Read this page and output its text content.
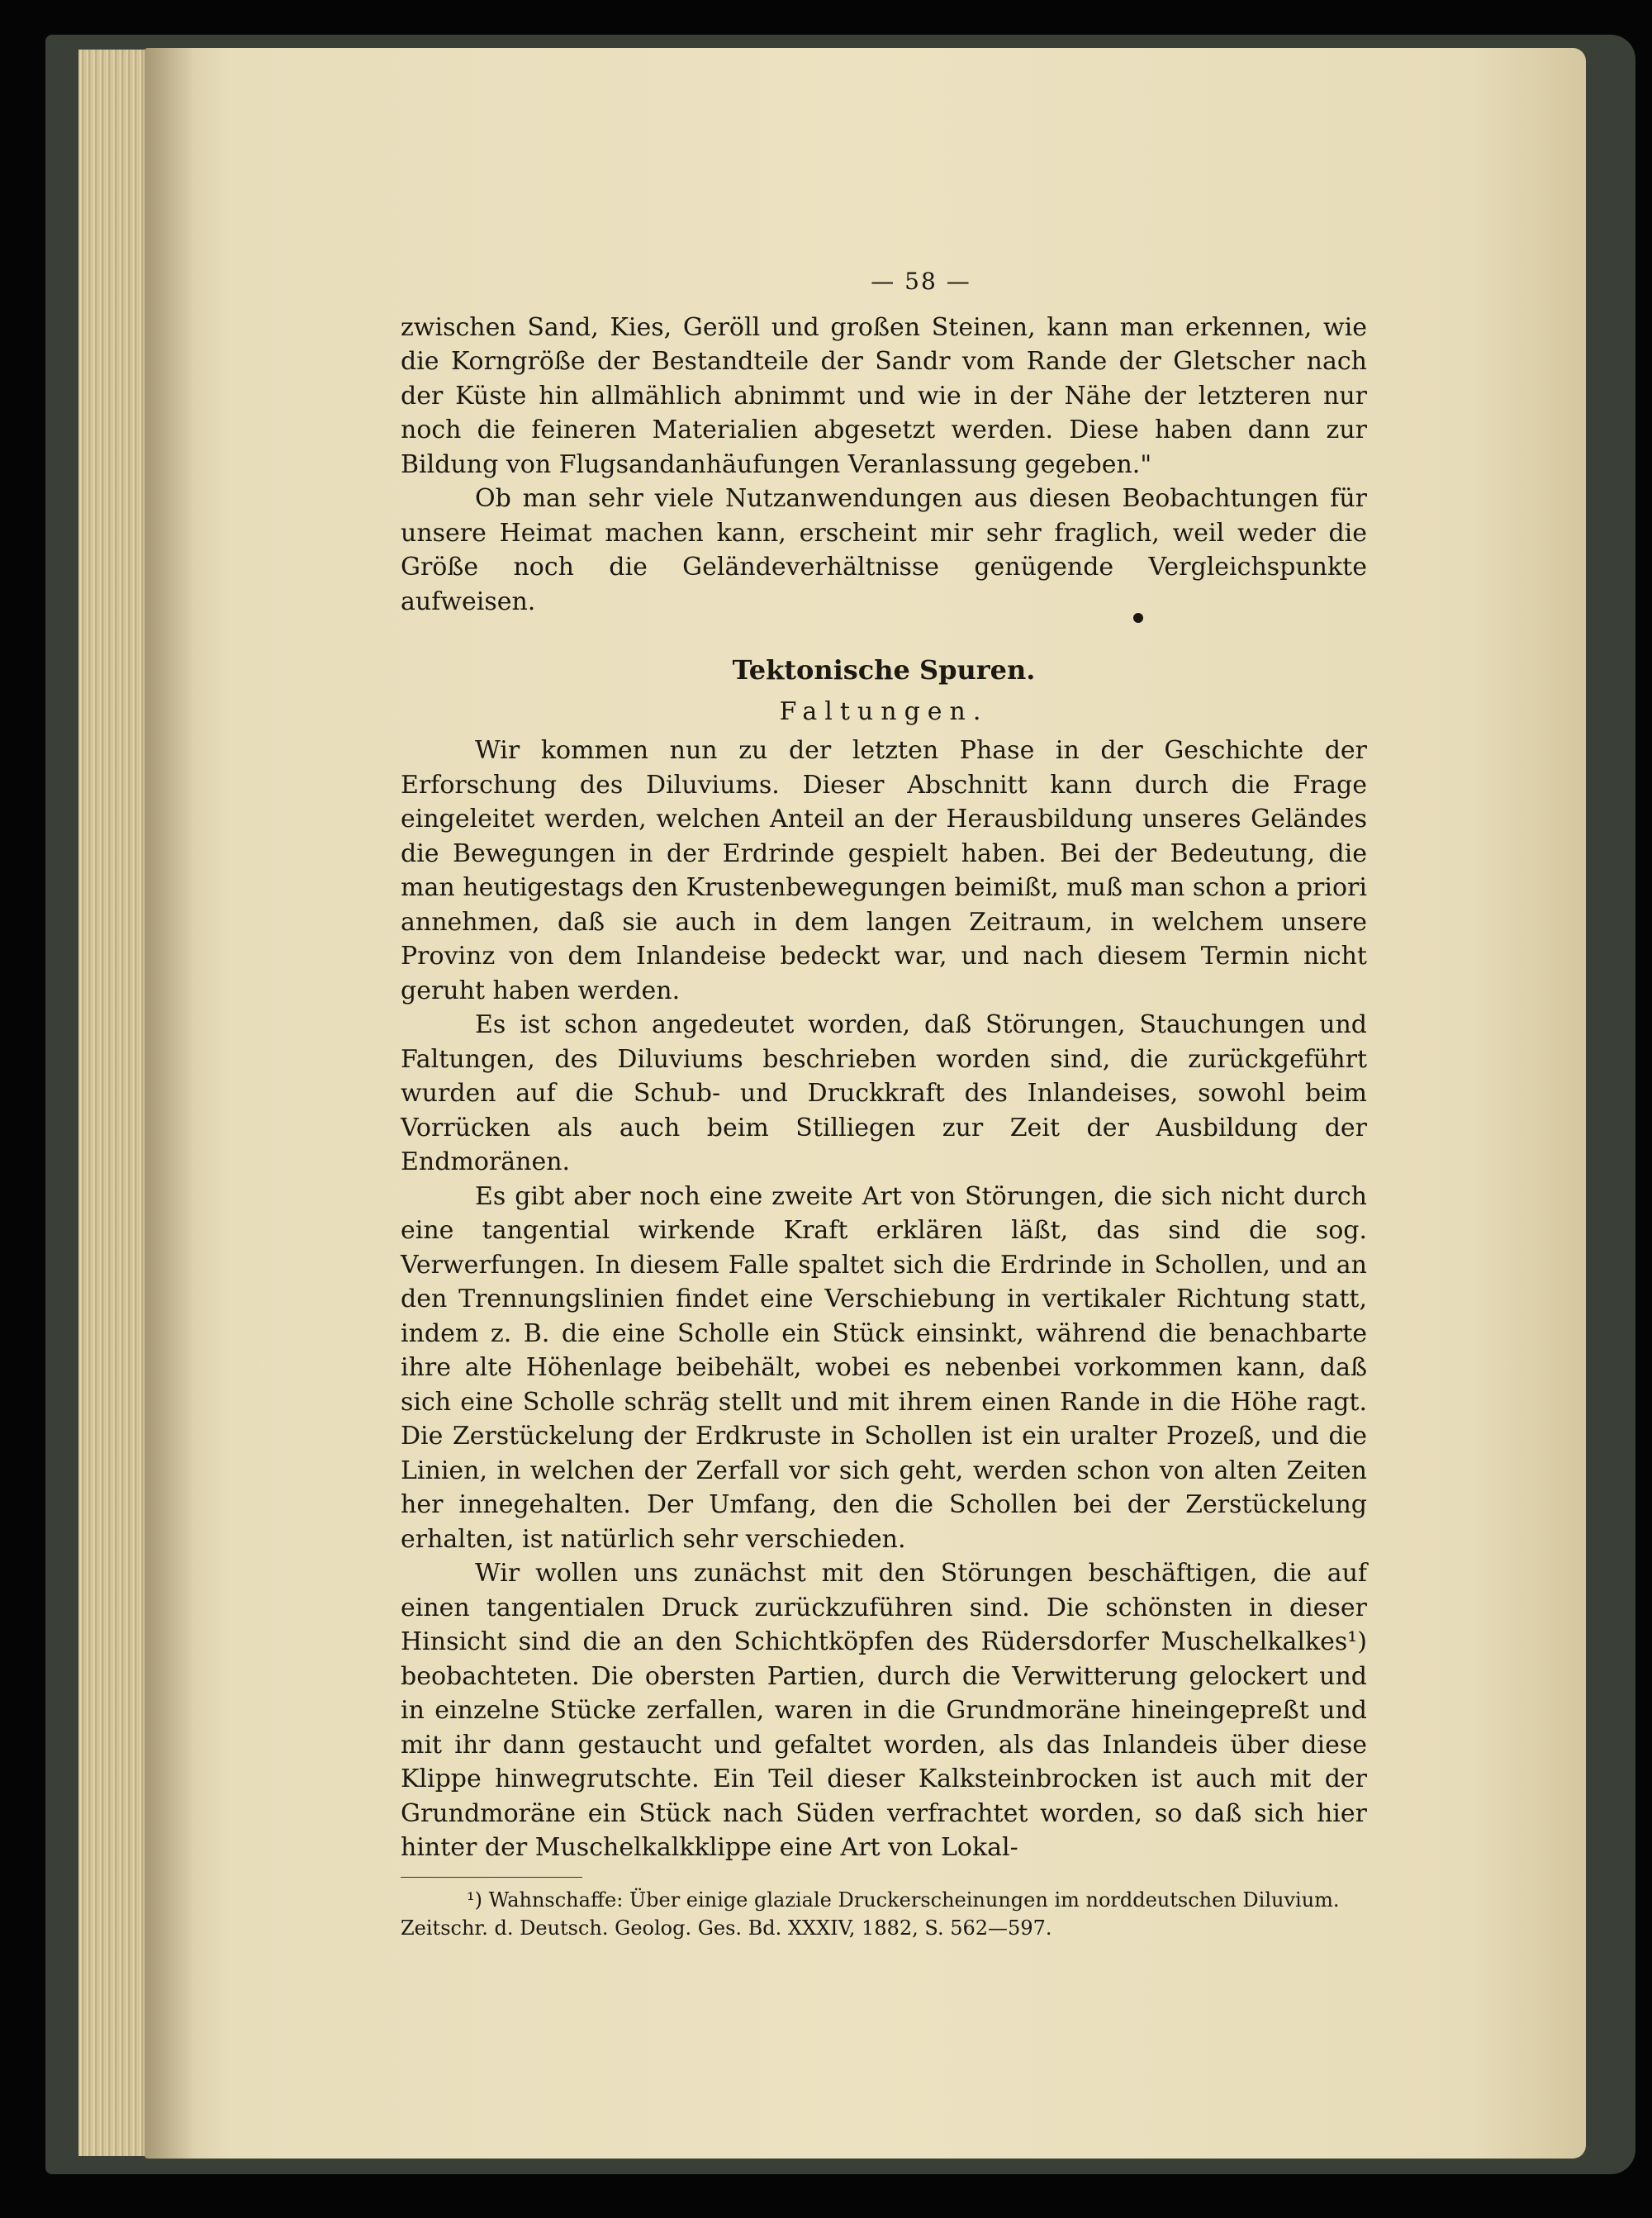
— 58 —

zwischen Sand, Kies, Geröll und großen Steinen, kann man erkennen, wie die Korngröße der Bestandteile der Sandr vom Rande der Gletscher nach der Küste hin allmählich abnimmt und wie in der Nähe der letzteren nur noch die feineren Materialien abgesetzt werden. Diese haben dann zur Bildung von Flugsandanhäufungen Veranlassung gegeben."

Ob man sehr viele Nutzanwendungen aus diesen Beobachtungen für unsere Heimat machen kann, erscheint mir sehr fraglich, weil weder die Größe noch die Geländeverhältnisse genügende Vergleichspunkte aufweisen.

Tektonische Spuren.
Faltungen.

Wir kommen nun zu der letzten Phase in der Geschichte der Erforschung des Diluviums. Dieser Abschnitt kann durch die Frage eingeleitet werden, welchen Anteil an der Herausbildung unseres Geländes die Bewegungen in der Erdrinde gespielt haben. Bei der Bedeutung, die man heutigestags den Krustenbewegungen beimißt, muß man schon a priori annehmen, daß sie auch in dem langen Zeitraum, in welchem unsere Provinz von dem Inlandeise bedeckt war, und nach diesem Termin nicht geruht haben werden.

Es ist schon angedeutet worden, daß Störungen, Stauchungen und Faltungen, des Diluviums beschrieben worden sind, die zurückgeführt wurden auf die Schub- und Druckkraft des Inlandeises, sowohl beim Vorrücken als auch beim Stilliegen zur Zeit der Ausbildung der Endmoränen.

Es gibt aber noch eine zweite Art von Störungen, die sich nicht durch eine tangential wirkende Kraft erklären läßt, das sind die sog. Verwerfungen. In diesem Falle spaltet sich die Erdrinde in Schollen, und an den Trennungslinien findet eine Verschiebung in vertikaler Richtung statt, indem z. B. die eine Scholle ein Stück einsinkt, während die benachbarte ihre alte Höhenlage beibehält, wobei es nebenbei vorkommen kann, daß sich eine Scholle schräg stellt und mit ihrem einen Rande in die Höhe ragt. Die Zerstückelung der Erdkruste in Schollen ist ein uralter Prozeß, und die Linien, in welchen der Zerfall vor sich geht, werden schon von alten Zeiten her innegehalten. Der Umfang, den die Schollen bei der Zerstückelung erhalten, ist natürlich sehr verschieden.

Wir wollen uns zunächst mit den Störungen beschäftigen, die auf einen tangentialen Druck zurückzuführen sind. Die schönsten in dieser Hinsicht sind die an den Schichtköpfen des Rüdersdorfer Muschelkalkes¹) beobachteten. Die obersten Partien, durch die Verwitterung gelockert und in einzelne Stücke zerfallen, waren in die Grundmoräne hineingepreßt und mit ihr dann gestaucht und gefaltet worden, als das Inlandeis über diese Klippe hinwegrutschte. Ein Teil dieser Kalksteinbrocken ist auch mit der Grundmoräne ein Stück nach Süden verfrachtet worden, so daß sich hier hinter der Muschelkalkklippe eine Art von Lokal-

¹) Wahnschaffe: Über einige glaziale Druckerscheinungen im norddeutschen Diluvium.
Zeitschr. d. Deutsch. Geolog. Ges. Bd. XXXIV, 1882, S. 562—597.
